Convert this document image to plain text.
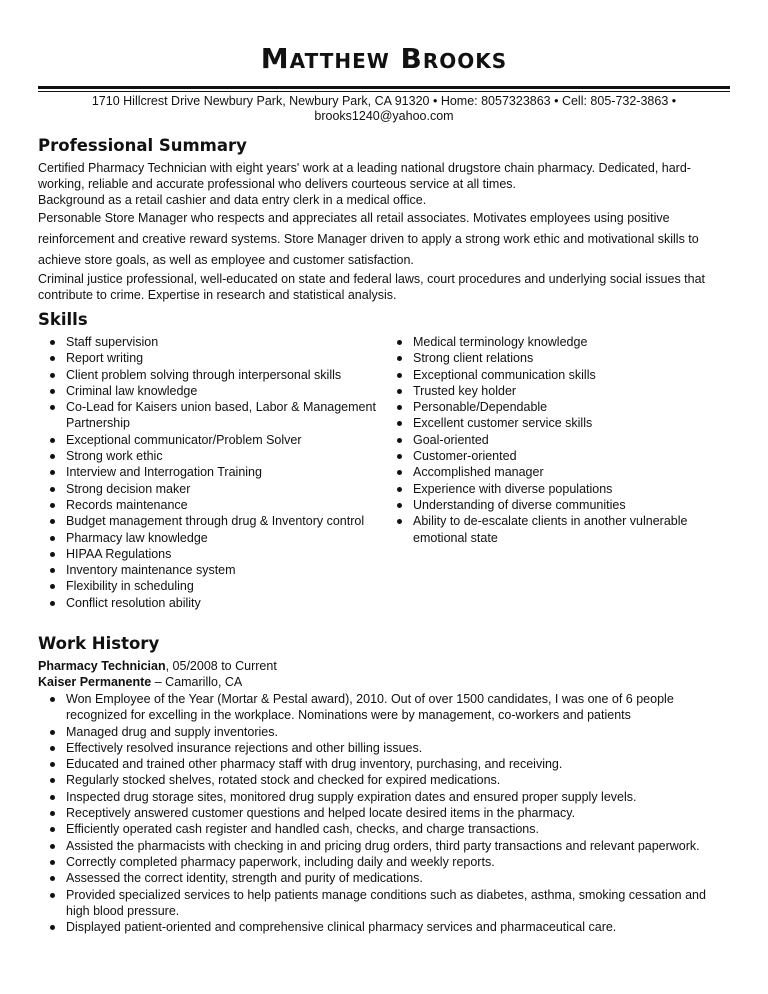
Matthew Brooks
1710 Hillcrest Drive Newbury Park, Newbury Park, CA 91320 • Home: 8057323863 • Cell: 805-732-3863 •
brooks1240@yahoo.com
Professional Summary

Certified Pharmacy Technician with eight years' work at a leading national drugstore chain pharmacy. Dedicated, hard-working, reliable and accurate professional who delivers courteous service at all times.

Background as a retail cashier and data entry clerk in a medical office.

Personable Store Manager who respects and appreciates all retail associates. Motivates employees using positive reinforcement and creative reward systems. Store Manager driven to apply a strong work ethic and motivational skills to achieve store goals, as well as employee and customer satisfaction.

Criminal justice professional, well-educated on state and federal laws, court procedures and underlying social issues that contribute to crime. Expertise in research and statistical analysis.

Skills
Staff supervision
Report writing
Client problem solving through interpersonal skills
Criminal law knowledge
Co-Lead for Kaisers union based, Labor & Management Partnership
Exceptional communicator/Problem Solver
Strong work ethic
Interview and Interrogation Training
Strong decision maker
Records maintenance
Budget management through drug & Inventory control
Pharmacy law knowledge
HIPAA Regulations
Inventory maintenance system
Flexibility in scheduling
Conflict resolution ability
Medical terminology knowledge
Strong client relations
Exceptional communication skills
Trusted key holder
Personable/Dependable
Excellent customer service skills
Goal-oriented
Customer-oriented
Accomplished manager
Experience with diverse populations
Understanding of diverse communities
Ability to de-escalate clients in another vulnerable emotional state
Work History
Pharmacy Technician, 05/2008 to Current
Kaiser Permanente – Camarillo, CA
Won Employee of the Year (Mortar & Pestal award), 2010. Out of over 1500 candidates, I was one of 6 people recognized for excelling in the workplace. Nominations were by management, co-workers and patients
Managed drug and supply inventories.
Effectively resolved insurance rejections and other billing issues.
Educated and trained other pharmacy staff with drug inventory, purchasing, and receiving.
Regularly stocked shelves, rotated stock and checked for expired medications.
Inspected drug storage sites, monitored drug supply expiration dates and ensured proper supply levels.
Receptively answered customer questions and helped locate desired items in the pharmacy.
Efficiently operated cash register and handled cash, checks, and charge transactions.
Assisted the pharmacists with checking in and pricing drug orders, third party transactions and relevant paperwork.
Correctly completed pharmacy paperwork, including daily and weekly reports.
Assessed the correct identity, strength and purity of medications.
Provided specialized services to help patients manage conditions such as diabetes, asthma, smoking cessation and high blood pressure.
Displayed patient-oriented and comprehensive clinical pharmacy services and pharmaceutical care.
